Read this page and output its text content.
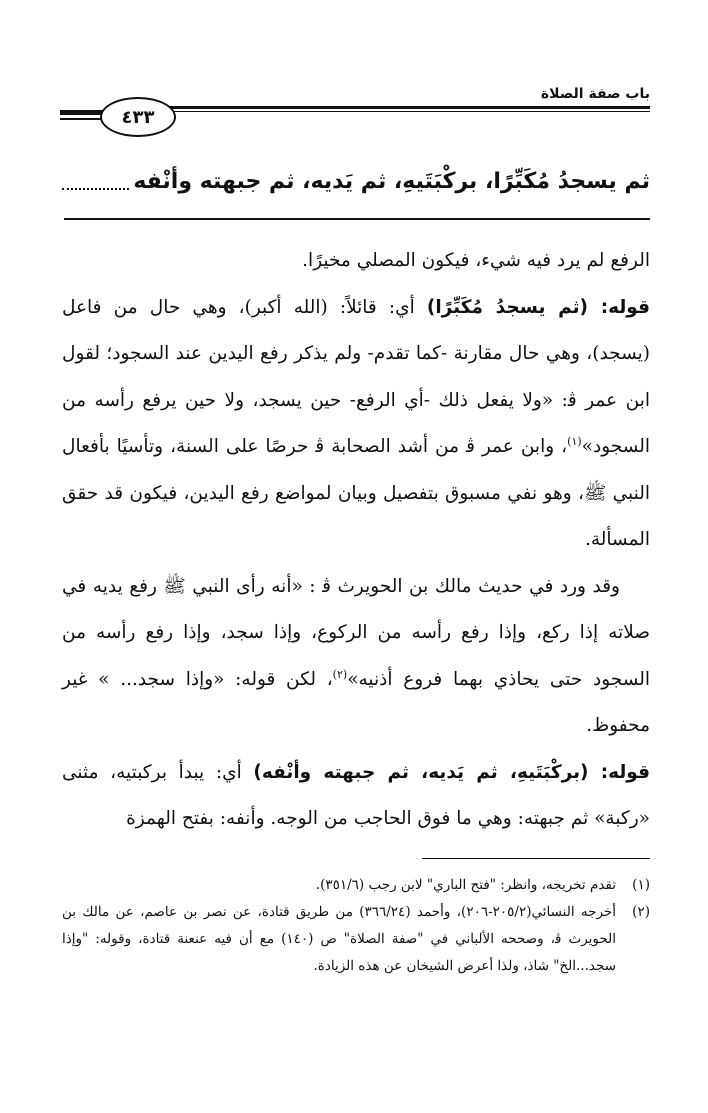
باب صفة الصلاة
٤٣٣
ثم يسجدُ مُكَبِّرًا، بركْبَتَيهِ، ثم يَديه، ثم جبهته وأنْفه

الرفع لم يرد فيه شيء، فيكون المصلي مخيرًا.

قوله: (ثم يسجدُ مُكَبِّرًا) أي: قائلاً: (الله أكبر)، وهي حال من فاعل (يسجد)، وهي حال مقارنة -كما تقدم- ولم يذكر رفع اليدين عند السجود؛ لقول ابن عمر ﭬ: «ولا يفعل ذلك -أي الرفع- حين يسجد، ولا حين يرفع رأسه من السجود»$^{(١)}$، وابن عمر ﭬ من أشد الصحابة ﭬ حرصًا على السنة، وتأسيًا بأفعال النبي ﷺ، وهو نفي مسبوق بتفصيل وبيان لمواضع رفع اليدين، فيكون قد حقق المسألة.

وقد ورد في حديث مالك بن الحويرث ﭬ : «أنه رأى النبي ﷺ رفع يديه في صلاته إذا ركع، وإذا رفع رأسه من الركوع، وإذا سجد، وإذا رفع رأسه من السجود حتى يحاذي بهما فروع أذنيه»$^{(٢)}$، لكن قوله: «وإذا سجد... » غير محفوظ.

قوله: (بركْبَتَيهِ، ثم يَديه، ثم جبهته وأنْفه) أي: يبدأ بركبتيه، مثنى «ركبة» ثم جبهته: وهي ما فوق الحاجب من الوجه. وأنفه: بفتح الهمزة

(١)
تقدم تخريجه، وانظر: "فتح الباري" لابن رجب (٣٥١/٦).

(٢)
أخرجه النسائي(٢٠٥/٢-٢٠٦)، وأحمد (٣٦٦/٢٤) من طريق قتادة، عن نصر بن عاصم، عن مالك بن الحويرث ﭬ، وصححه الألباني في "صفة الصلاة" ص (١٤٠) مع أن فيه عنعنة قتادة، وقوله: "وإذا سجد...الخ" شاذ، ولذا أعرض الشيخان عن هذه الزيادة.
